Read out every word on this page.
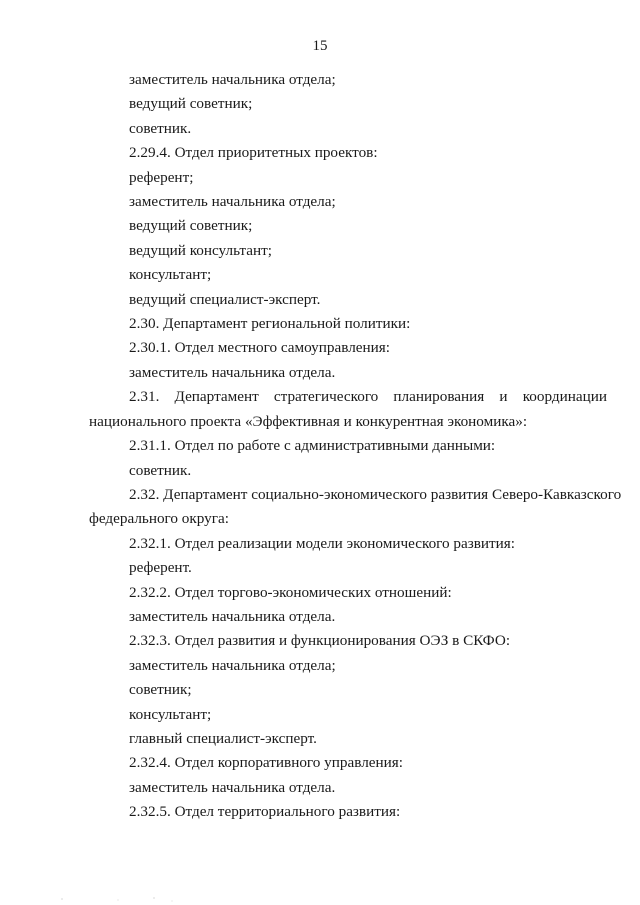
15

заместитель начальника отдела;

ведущий советник;

советник.

2.29.4. Отдел приоритетных проектов:

референт;

заместитель начальника отдела;

ведущий советник;

ведущий консультант;

консультант;

ведущий специалист-эксперт.

2.30. Департамент региональной политики:

2.30.1. Отдел местного самоуправления:

заместитель начальника отдела.

2.31. Департамент стратегического планирования и координации

национального проекта «Эффективная и конкурентная экономика»:

2.31.1. Отдел по работе с административными данными:

советник.

2.32. Департамент социально-экономического развития Северо-Кавказского

федерального округа:

2.32.1. Отдел реализации модели экономического развития:

референт.

2.32.2. Отдел торгово-экономических отношений:

заместитель начальника отдела.

2.32.3. Отдел развития и функционирования ОЭЗ в СКФО:

заместитель начальника отдела;

советник;

консультант;

главный специалист-эксперт.

2.32.4. Отдел корпоративного управления:

заместитель начальника отдела.

2.32.5. Отдел территориального развития:
